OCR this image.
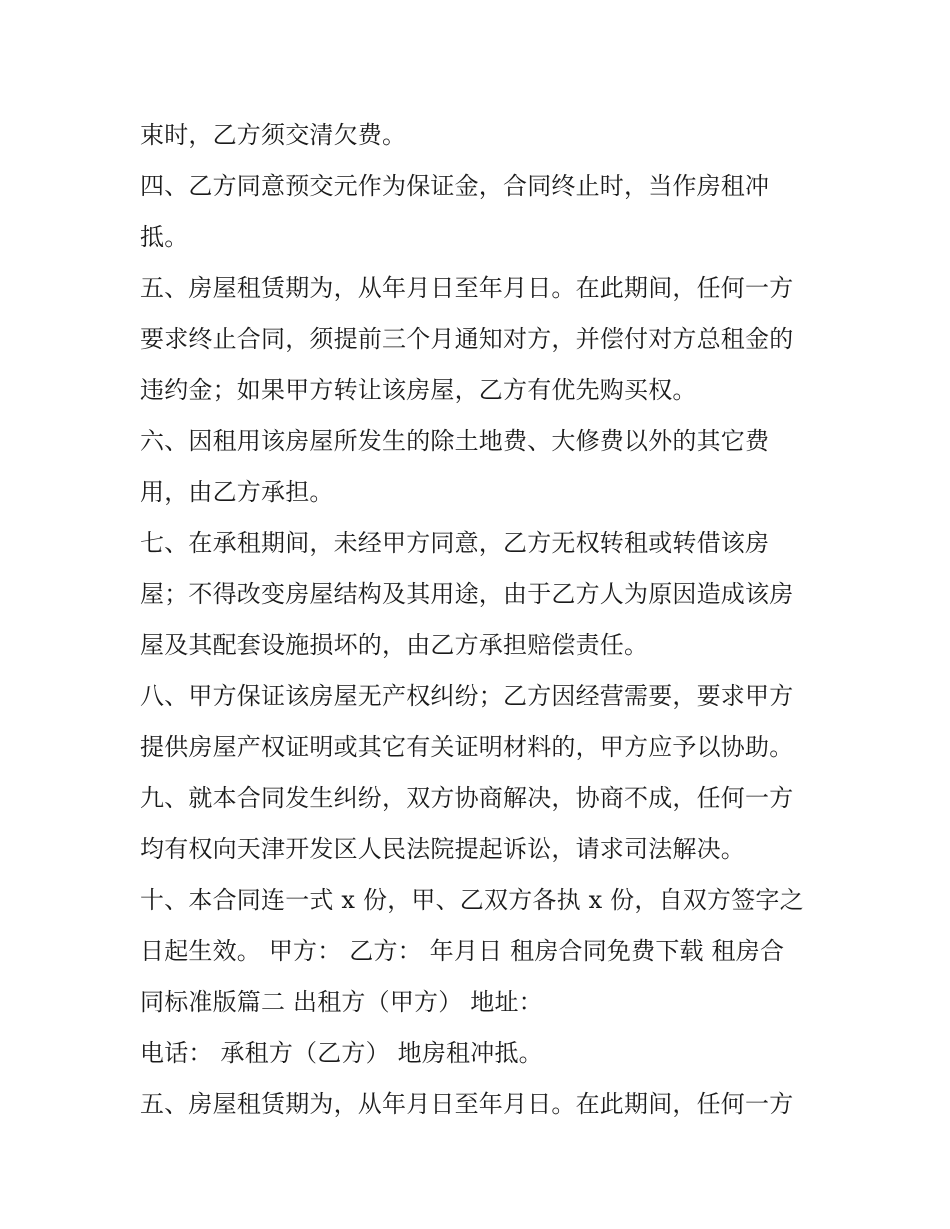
束时，乙方须交清欠费。
四、乙方同意预交元作为保证金，合同终止时，当作房租冲
抵。
五、房屋租赁期为，从年月日至年月日。在此期间，任何一方
要求终止合同，须提前三个月通知对方，并偿付对方总租金的
违约金；如果甲方转让该房屋，乙方有优先购买权。
六、因租用该房屋所发生的除土地费、大修费以外的其它费
用，由乙方承担。
七、在承租期间，未经甲方同意，乙方无权转租或转借该房
屋；不得改变房屋结构及其用途，由于乙方人为原因造成该房
屋及其配套设施损坏的，由乙方承担赔偿责任。
八、甲方保证该房屋无产权纠纷；乙方因经营需要，要求甲方
提供房屋产权证明或其它有关证明材料的，甲方应予以协助。
九、就本合同发生纠纷，双方协商解决，协商不成，任何一方
均有权向天津开发区人民法院提起诉讼，请求司法解决。
十、本合同连一式 x 份，甲、乙双方各执 x 份，自双方签字之
日起生效。 甲方： 乙方： 年月日 租房合同免费下载 租房合
同标准版篇二 出租方（甲方） 地址：
电话： 承租方（乙方） 地房租冲抵。
五、房屋租赁期为，从年月日至年月日。在此期间，任何一方
